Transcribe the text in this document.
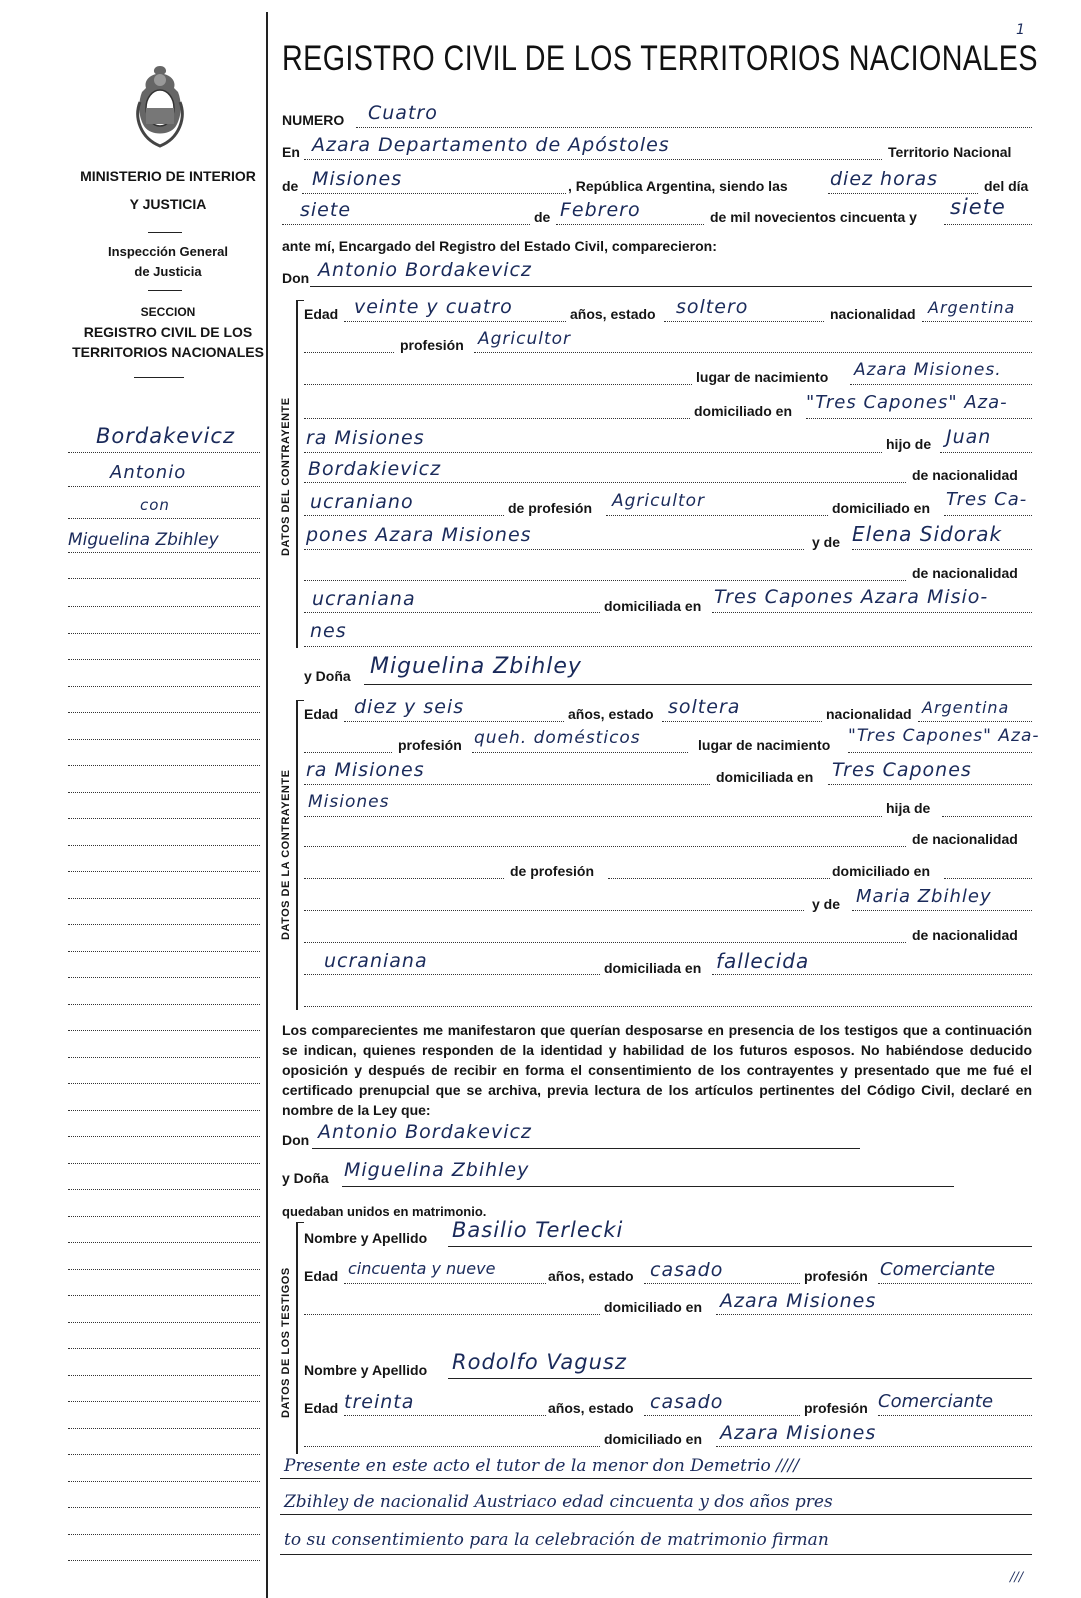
MINISTERIO DE INTERIOR
Y JUSTICIA
Inspección General
de Justicia
SECCION
REGISTRO CIVIL DE LOS
TERRITORIOS NACIONALES
Bordakevicz
Antonio
con
Miguelina Zbihley
REGISTRO CIVIL DE LOS TERRITORIOS NACIONALES
1
NUMERO Cuatro
En Azara Departamento de Apóstoles	Territorio Nacional
de Misiones	, República Argentina, siendo las diez horas	del día
siete	de Febrero	de mil novecientos cincuenta y siete
ante mí, Encargado del Registro del Estado Civil, comparecieron:
Don Antonio Bordakevicz
DATOS DEL CONTRAYENTE
Edad veinte y cuatro	años, estado soltero	nacionalidad Argentina
profesión Agricultor
lugar de nacimiento Azara Misiones.
domiciliado en "Tres Capones" Aza-
ra Misiones	hijo de Juan
Bordakievicz	de nacionalidad
ucraniano	de profesión Agricultor	domiciliado en Tres Ca-
pones Azara Misiones	y de Elena Sidorak
de nacionalidad
ucraniana	domiciliada en Tres Capones Azara Misio-
nes
y Doña Miguelina Zbihley
DATOS DE LA CONTRAYENTE
Edad diez y seis	años, estado soltera	nacionalidad Argentina
profesión queh. domésticos	lugar de nacimiento "Tres Capones" Aza-
ra Misiones	domiciliada en Tres Capones
Misiones	hija de
de nacionalidad
de profesión	domiciliado en
y de Maria Zbihley
de nacionalidad
ucraniana	domiciliada en fallecida
Los comparecientes me manifestaron que querían desposarse en presencia de los testigos que a continuación se indican, quienes responden de la identidad y habilidad de los futuros esposos. No habiéndose deducido oposición y después de recibir en forma el consentimiento de los contrayentes y presentado que me fué el certificado prenupcial que se archiva, previa lectura de los artículos pertinentes del Código Civil, declaré en nombre de la Ley que:
Don Antonio Bordakevicz
y Doña Miguelina Zbihley
quedaban unidos en matrimonio.
DATOS DE LOS TESTIGOS
Nombre y Apellido Basilio Terlecki
Edad cincuenta y nueve	años, estado casado	profesión Comerciante
domiciliado en Azara Misiones
Nombre y Apellido Rodolfo Vagusz
Edad treinta	años, estado casado	profesión Comerciante
domiciliado en Azara Misiones
Presente en este acto el tutor de la menor don Demetrio ////
Zbihley de nacionalid Austriaco edad cincuenta y dos años pres
to su consentimiento para la celebración de matrimonio firman
///
